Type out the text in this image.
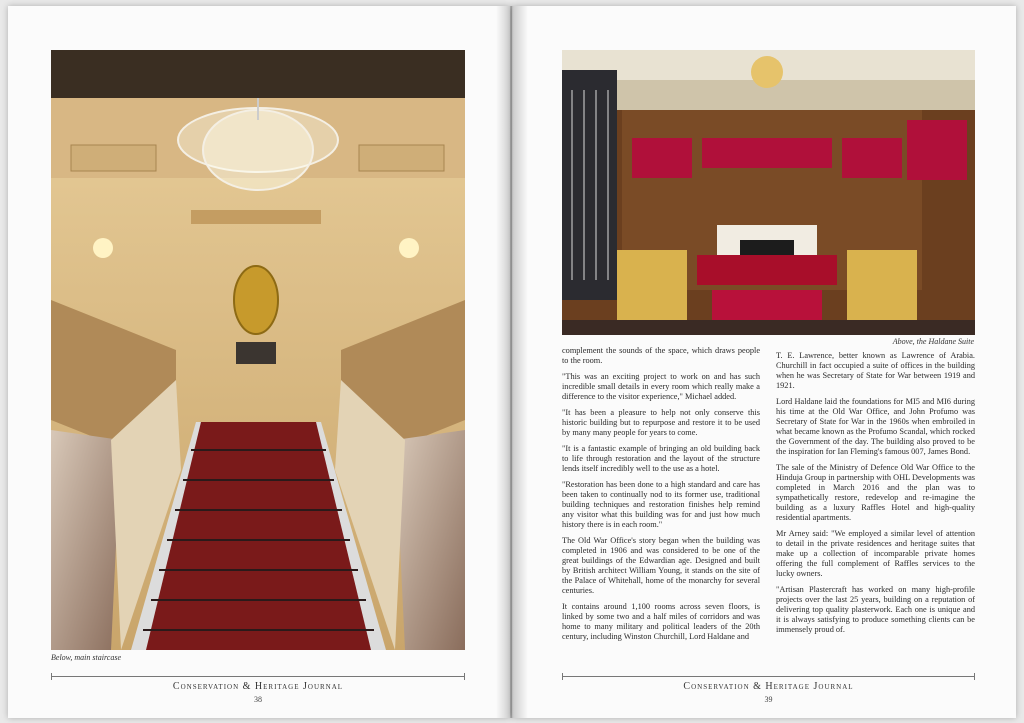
Below, main staircase
Conservation & Heritage Journal
38
Above, the Haldane Suite

complement the sounds of the space, which draws people to the room.

"This was an exciting project to work on and has such incredible small details in every room which really make a difference to the visitor experience," Michael added.

"It has been a pleasure to help not only conserve this historic building but to repurpose and restore it to be used by many many people for years to come.

"It is a fantastic example of bringing an old building back to life through restoration and the layout of the structure lends itself incredibly well to the use as a hotel.

"Restoration has been done to a high standard and care has been taken to continually nod to its former use, traditional building techniques and restoration finishes help remind any visitor what this building was for and just how much history there is in each room."

The Old War Office's story began when the building was completed in 1906 and was considered to be one of the great buildings of the Edwardian age. Designed and built by British architect William Young, it stands on the site of the Palace of Whitehall, home of the monarchy for several centuries.

It contains around 1,100 rooms across seven floors, is linked by some two and a half miles of corridors and was home to many military and political leaders of the 20th century, including Winston Churchill, Lord Haldane and

T. E. Lawrence, better known as Lawrence of Arabia. Churchill in fact occupied a suite of offices in the building when he was Secretary of State for War between 1919 and 1921.

Lord Haldane laid the foundations for MI5 and MI6 during his time at the Old War Office, and John Profumo was Secretary of State for War in the 1960s when embroiled in what became known as the Profumo Scandal, which rocked the Government of the day. The building also proved to be the inspiration for Ian Fleming's famous 007, James Bond.

The sale of the Ministry of Defence Old War Office to the Hinduja Group in partnership with OHL Developments was completed in March 2016 and the plan was to sympathetically restore, redevelop and re-imagine the building as a luxury Raffles Hotel and high-quality residential apartments.

Mr Arney said: "We employed a similar level of attention to detail in the private residences and heritage suites that make up a collection of incomparable private homes offering the full complement of Raffles services to the lucky owners.

"Artisan Plastercraft has worked on many high-profile projects over the last 25 years, building on a reputation of delivering top quality plasterwork. Each one is unique and it is always satisfying to produce something clients can be immensely proud of.

Conservation & Heritage Journal
39
